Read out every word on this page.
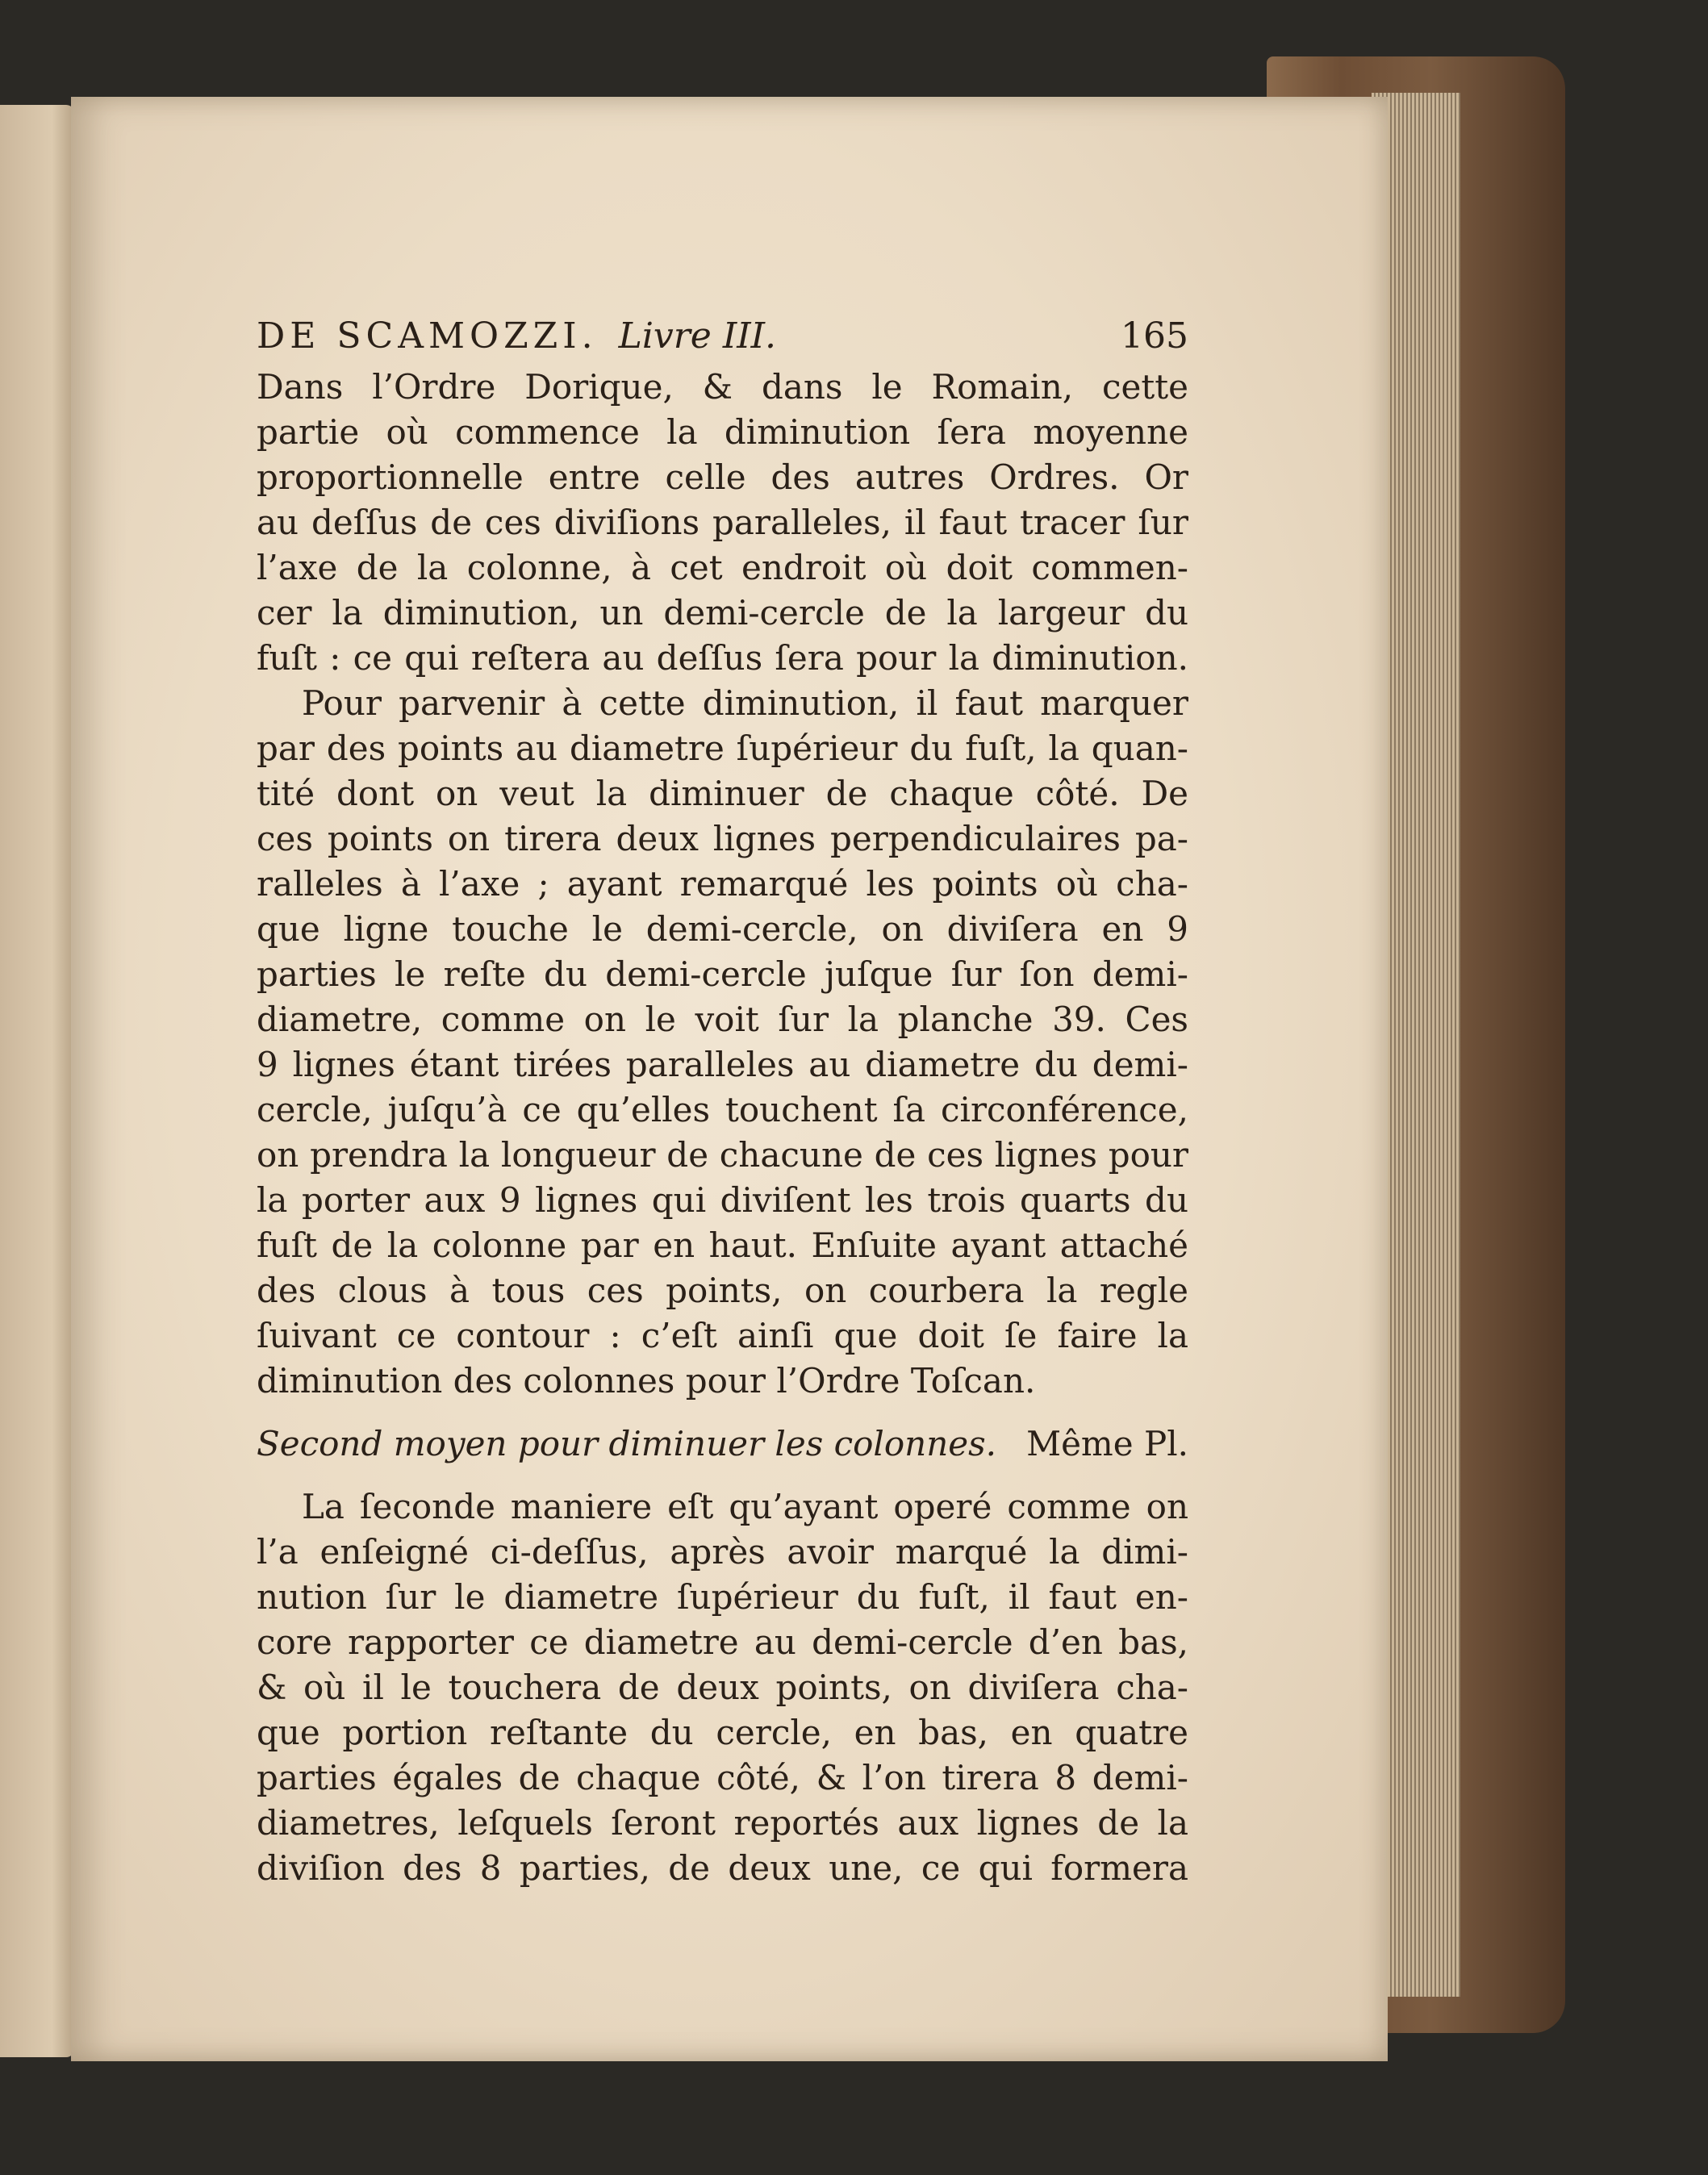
DE SCAMOZZI. Livre III.	165
Dans l’Ordre Dorique, & dans le Romain, cette
partie où commence la diminution ſera moyenne
proportionnelle entre celle des autres Ordres. Or
au deſſus de ces diviſions paralleles, il faut tracer ſur
l’axe de la colonne, à cet endroit où doit commen-
cer la diminution, un demi-cercle de la largeur du
fuſt : ce qui reſtera au deſſus ſera pour la diminution.
Pour parvenir à cette diminution, il faut marquer
par des points au diametre ſupérieur du fuſt, la quan-
tité dont on veut la diminuer de chaque côté. De
ces points on tirera deux lignes perpendiculaires pa-
ralleles à l’axe ; ayant remarqué les points où cha-
que ligne touche le demi-cercle, on diviſera en 9
parties le reſte du demi-cercle juſque ſur ſon demi-
diametre, comme on le voit ſur la planche 39. Ces
9 lignes étant tirées paralleles au diametre du demi-
cercle, juſqu’à ce qu’elles touchent ſa circonférence,
on prendra la longueur de chacune de ces lignes pour
la porter aux 9 lignes qui diviſent les trois quarts du
fuſt de la colonne par en haut. Enſuite ayant attaché
des clous à tous ces points, on courbera la regle
ſuivant ce contour : c’eſt ainſi que doit ſe faire la
diminution des colonnes pour l’Ordre Toſcan.
Second moyen pour diminuer les colonnes. Même Pl.
La ſeconde maniere eſt qu’ayant operé comme on
l’a enſeigné ci-deſſus, après avoir marqué la dimi-
nution ſur le diametre ſupérieur du fuſt, il faut en-
core rapporter ce diametre au demi-cercle d’en bas,
& où il le touchera de deux points, on diviſera cha-
que portion reſtante du cercle, en bas, en quatre
parties égales de chaque côté, & l’on tirera 8 demi-
diametres, leſquels ſeront reportés aux lignes de la
diviſion des 8 parties, de deux une, ce qui formera
